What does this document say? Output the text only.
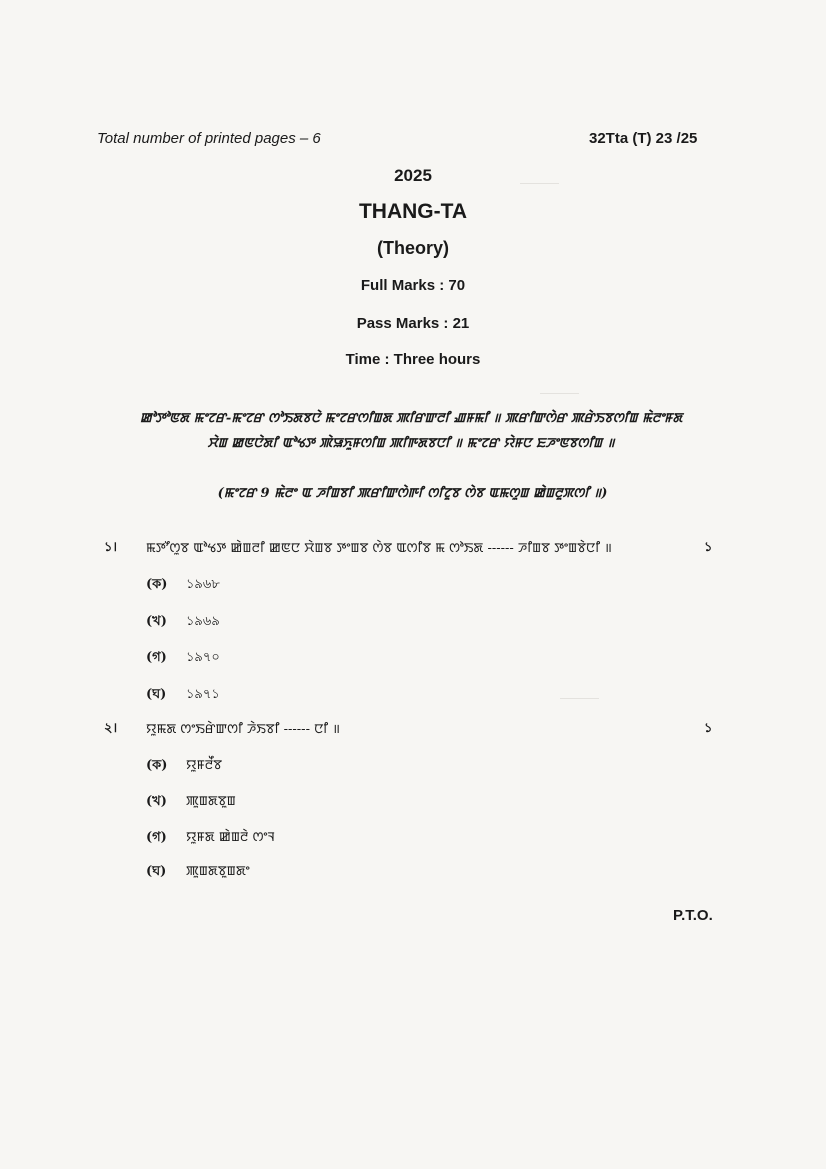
―――
―――
―――
Total number of printed pages – 6	32Tta (T) 23 /25
2025
THANG-TA
(Theory)
Full Marks : 70
Pass Marks : 21
Time : Three hours
ꯀꯣꯇꯣꯟꯗ ꯃꯦꯖꯔ-ꯃꯦꯖꯔ ꯁꯣꯏꯗꯕꯅꯥ ꯃꯦꯖꯔꯁꯤꯡꯗ ꯄꯤꯔꯛꯂꯤ ꯉꯝꯃꯤ ॥ ꯄꯔꯤꯛꯁꯥꯔ ꯄꯔꯥꯏꯕꯁꯤꯡ ꯃꯥꯂꯦꯝꯗ
ꯆꯥꯡ ꯀꯟꯅꯥꯗꯤ ꯑꯣꯠꯇ ꯄꯥꯎꯈꯨꯝꯁꯤꯡ ꯄꯤꯒꯗꯕꯅꯤ ॥ ꯃꯦꯖꯔ ꯌꯥꯝꯅ ꯐꯍꯦꯟꯕꯁꯤꯡ ॥
(ꯃꯦꯖꯔ 9 ꯃꯥꯂꯦ ꯑ ꯍꯤꯡꯕꯤ ꯄꯔꯤꯛꯁꯥꯒꯤ ꯁꯤꯖꯨꯕ ꯁꯥꯕ ꯑꯃꯁꯨꯡ ꯀꯥꯡꯂꯨꯞꯁꯤ ॥)
১। ꯃꯇꯧꯁꯨꯕ ꯑꯣꯠꯇ ꯀꯥꯡꯂꯤ ꯀꯟꯅ ꯆꯥꯡꯕ ꯇꯦꯡꯕ ꯁꯥꯕ ꯑꯁꯤꯕ ꯃ ꯁꯣꯏꯗ ------ ꯍꯤꯡꯕ ꯇꯦꯡꯕꯥꯅꯤ ॥	১
(ক) ১৯৬৮
(খ) ১৯৬৯
(গ) ১৯৭০
(ঘ) ১৯৭১
২। ꯌꯨꯃꯗ ꯁꯦꯏꯔꯥꯛꯁꯤ ꯍꯥꯏꯕꯤ ------ ꯅꯤ ॥	১
(ক) ꯌꯨꯝꯂꯩꯕ
(খ) ꯄꯨꯡꯗꯕꯨꯡ
(গ) ꯌꯨꯝꯗ ꯀꯥꯡꯂꯥ ꯁꯦꯜ
(ঘ) ꯄꯨꯡꯗꯕꯨꯡꯗꯦ
P.T.O.
